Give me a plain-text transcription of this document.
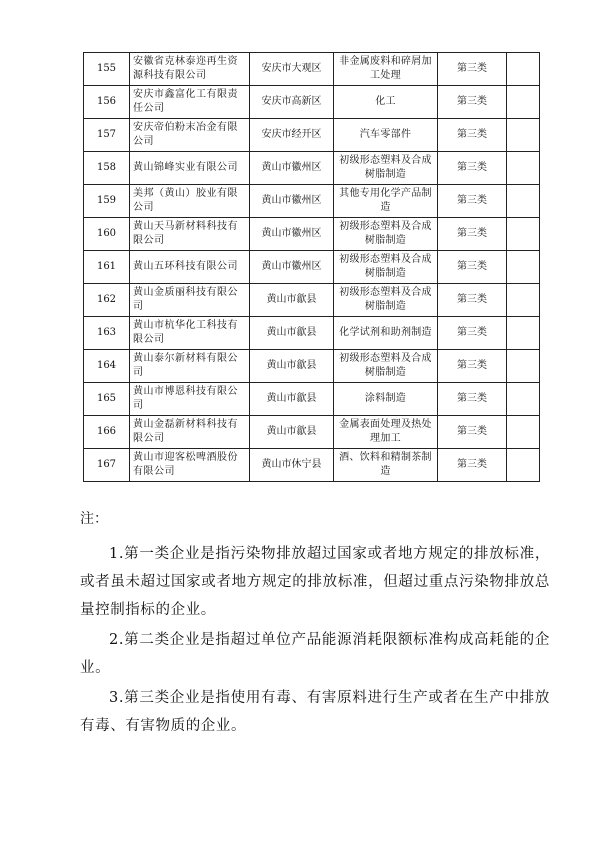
155	安徽省克林泰迩再生资源科技有限公司	安庆市大观区	非金属废料和碎屑加工处理	第三类	
156	安庆市鑫富化工有限责任公司	安庆市高新区	化工	第三类	
157	安庆帝伯粉末冶金有限公司	安庆市经开区	汽车零部件	第三类	
158	黄山锦峰实业有限公司	黄山市徽州区	初级形态塑料及合成树脂制造	第三类	
159	美邦（黄山）胶业有限公司	黄山市徽州区	其他专用化学产品制造	第三类	
160	黄山天马新材料科技有限公司	黄山市徽州区	初级形态塑料及合成树脂制造	第三类	
161	黄山五环科技有限公司	黄山市徽州区	初级形态塑料及合成树脂制造	第三类	
162	黄山金质丽科技有限公司	黄山市歙县	初级形态塑料及合成树脂制造	第三类	
163	黄山市杭华化工科技有限公司	黄山市歙县	化学试剂和助剂制造	第三类	
164	黄山泰尔新材料有限公司	黄山市歙县	初级形态塑料及合成树脂制造	第三类	
165	黄山市博恩科技有限公司	黄山市歙县	涂料制造	第三类	
166	黄山金磊新材料科技有限公司	黄山市歙县	金属表面处理及热处理加工	第三类	
167	黄山市迎客松啤酒股份有限公司	黄山市休宁县	酒、饮料和精制茶制造	第三类	
注：
1.第一类企业是指污染物排放超过国家或者地方规定的排放标准，或者虽未超过国家或者地方规定的排放标准，但超过重点污染物排放总量控制指标的企业。
2.第二类企业是指超过单位产品能源消耗限额标准构成高耗能的企业。
3.第三类企业是指使用有毒、有害原料进行生产或者在生产中排放有毒、有害物质的企业。
